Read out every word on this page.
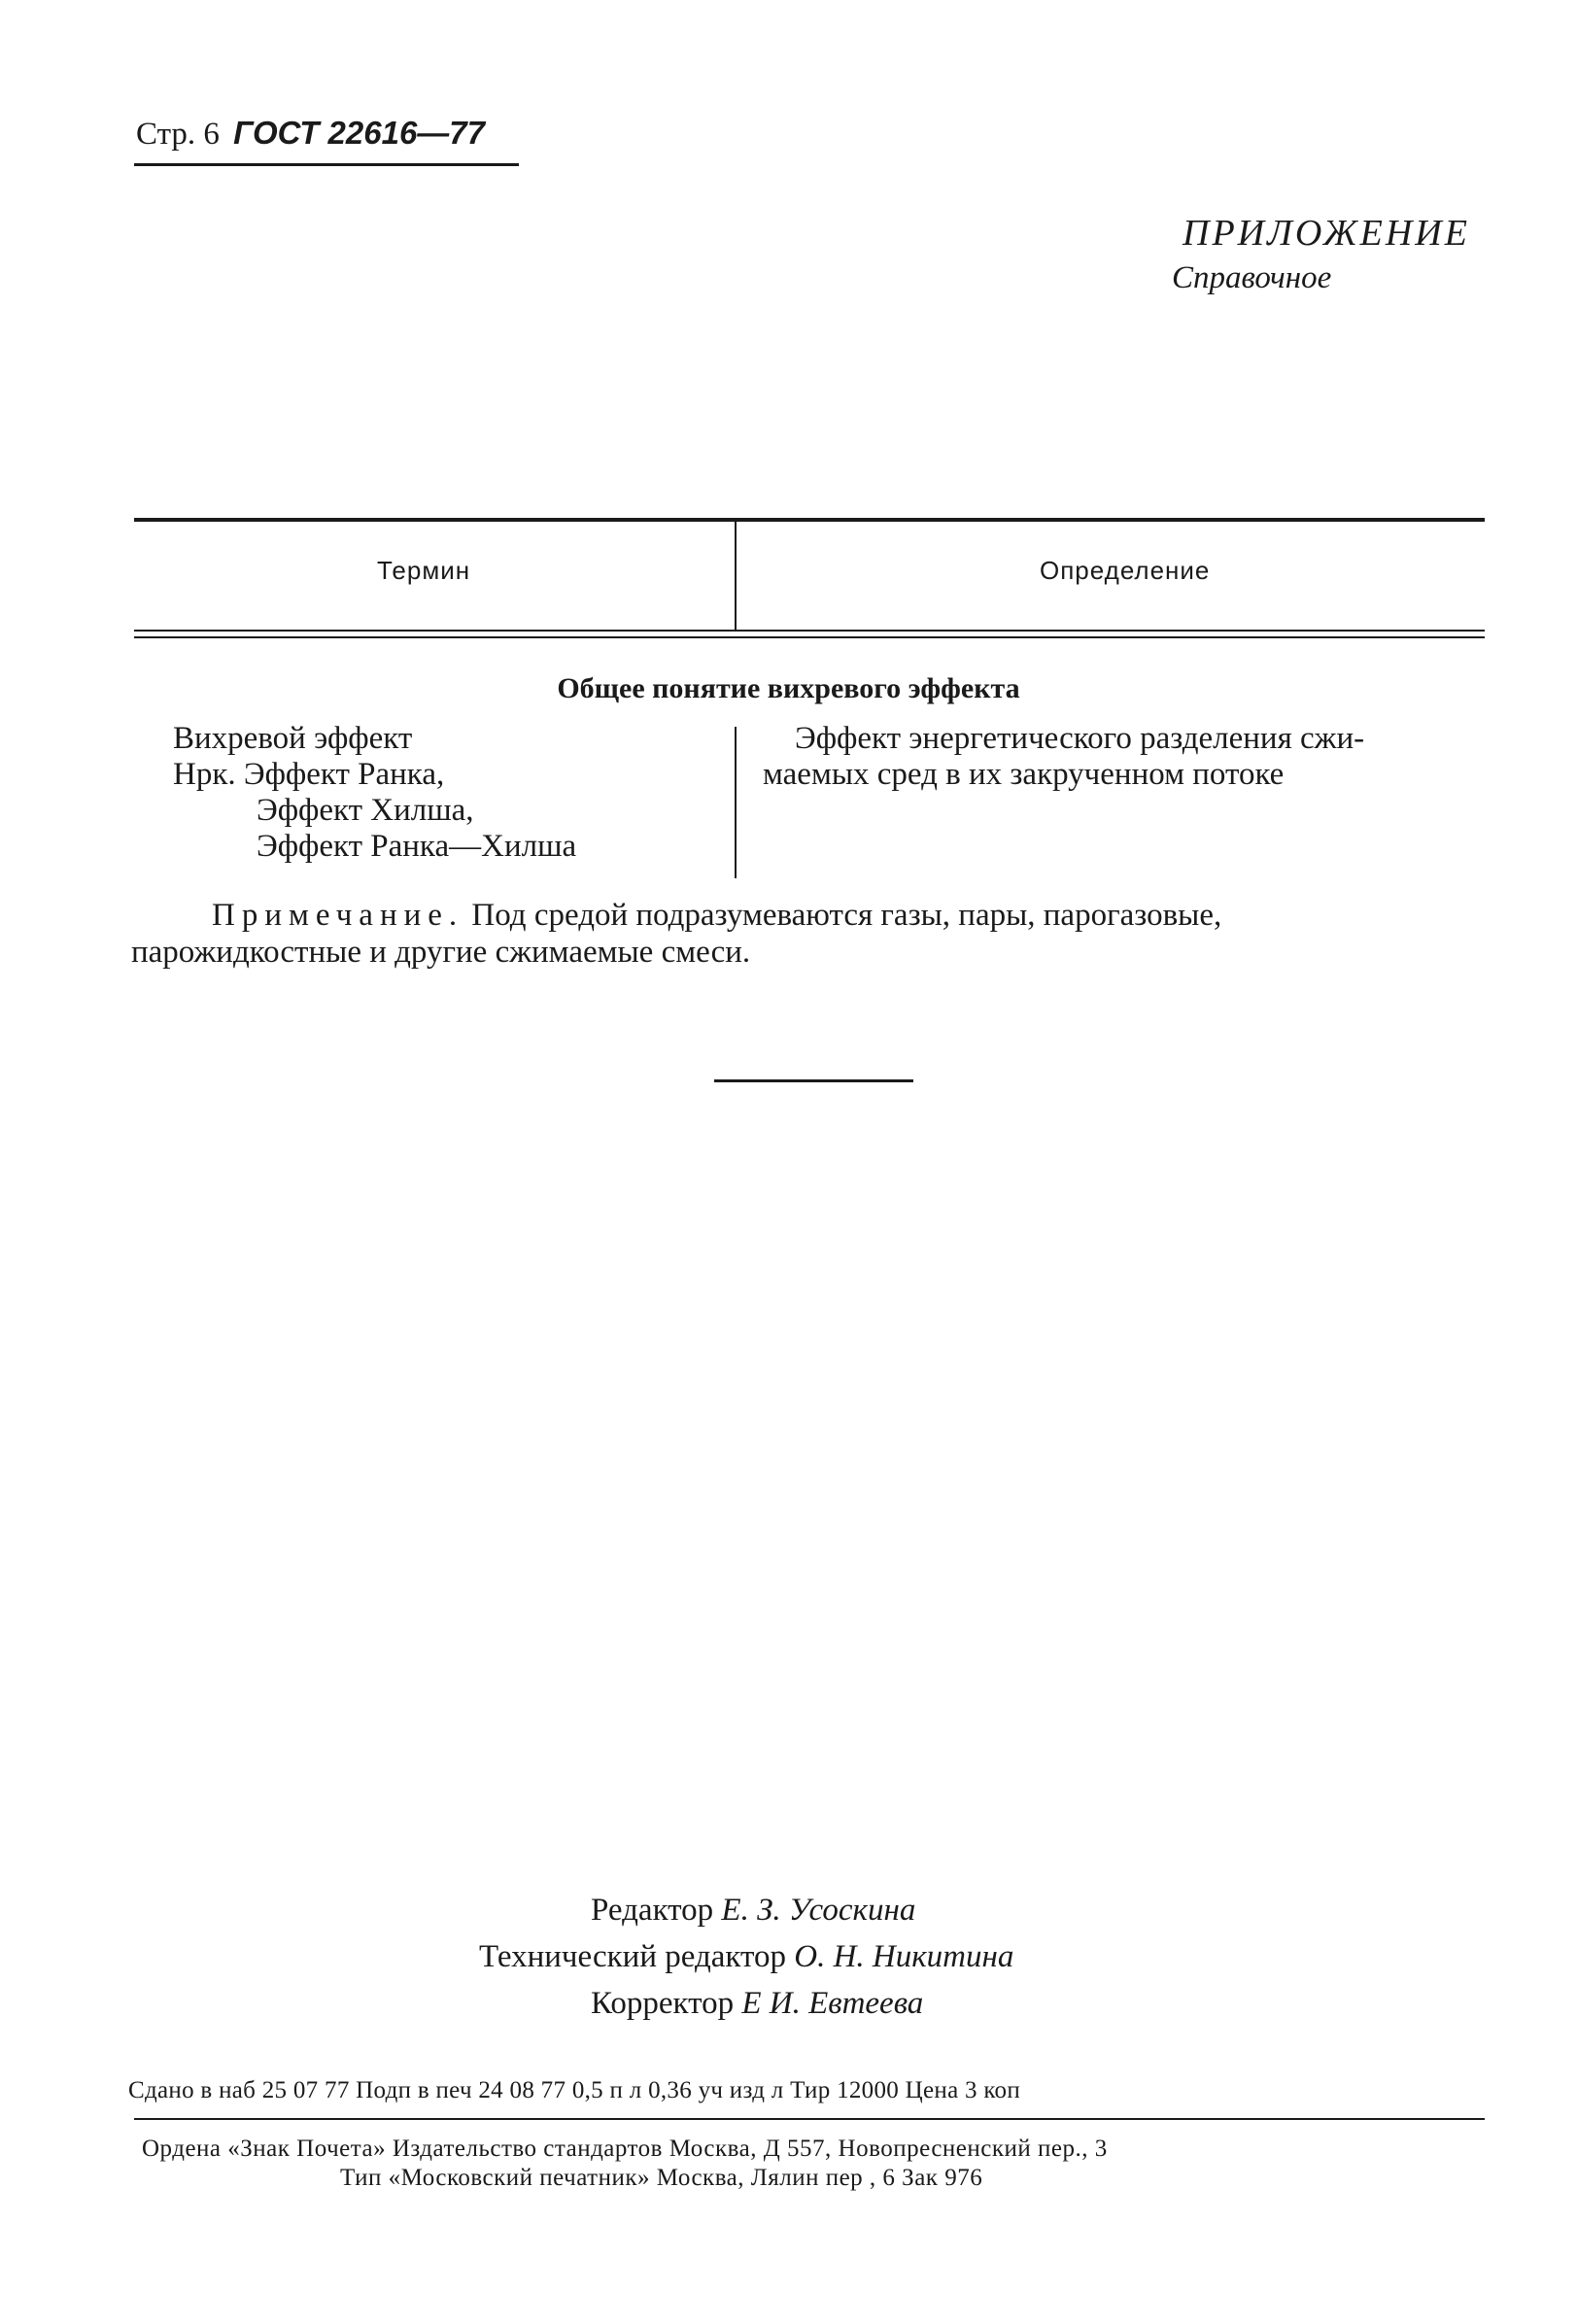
Стр. 6 ГОСТ 22616—77
ПРИЛОЖЕНИЕ
Справочное
Термин	Определение
Общее понятие вихревого эффекта
Вихревой эффект
Нрк. Эффект Ранка,
Эффект Хилша,
Эффект Ранка—Хилша
Эффект энергетического разделения сжи-
маемых сред в их закрученном потоке
Примечание. Под средой подразумеваются газы, пары, парогазовые,
парожидкостные и другие сжимаемые смеси.
Редактор Е. З. Усоскина
Технический редактор О. Н. Никитина
Корректор Е И. Евтеева
Сдано в наб 25 07 77 Подп в печ 24 08 77 0,5 п л 0,36 уч изд л Тир 12000 Цена 3 коп
Ордена «Знак Почета» Издательство стандартов Москва, Д 557, Новопресненский пер., 3
Тип «Московский печатник» Москва, Лялин пер , 6 Зак 976
